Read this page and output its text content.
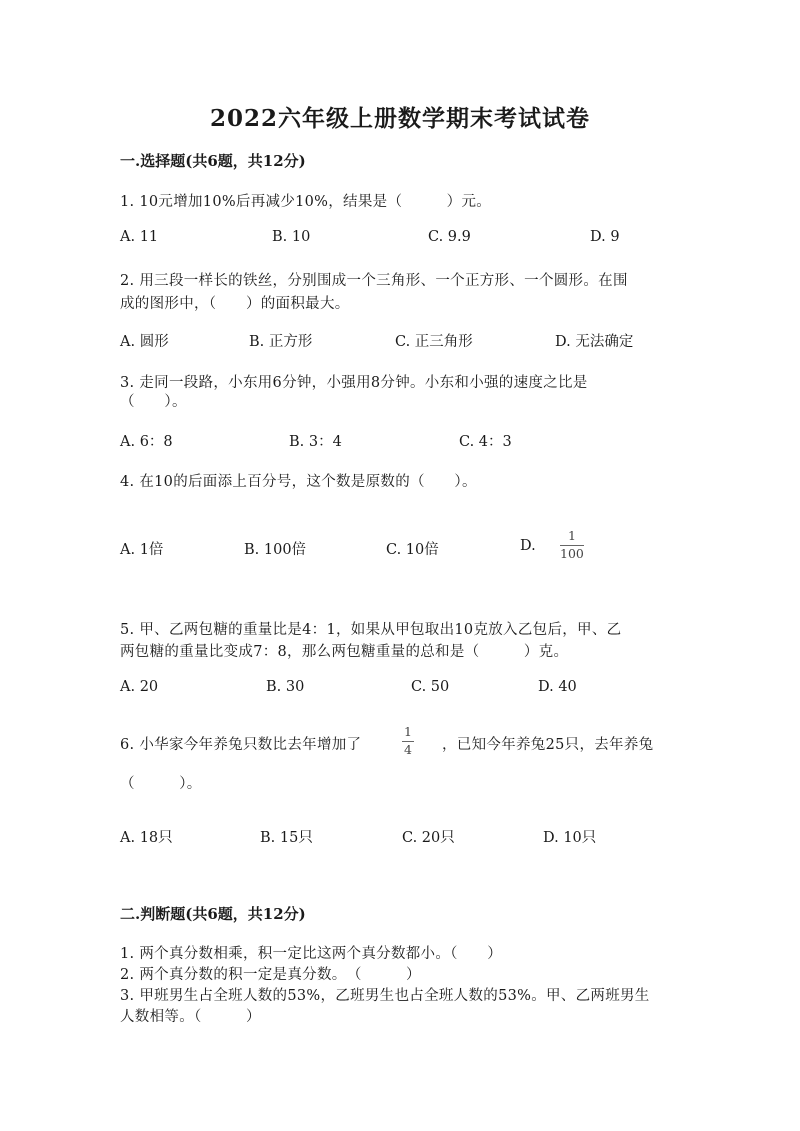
2022六年级上册数学期末考试试卷
一.选择题(共6题，共12分)
1. 10元增加10%后再减少10%，结果是（　　　）元。
A. 11	B. 10	C. 9.9	D. 9
2. 用三段一样长的铁丝，分别围成一个三角形、一个正方形、一个圆形。在围
成的图形中，（　　）的面积最大。
A. 圆形	B. 正方形	C. 正三角形	D. 无法确定
3. 走同一段路，小东用6分钟，小强用8分钟。小东和小强的速度之比是
（　　）。
A. 6：8	B. 3：4	C. 4：3
4. 在10的后面添上百分号，这个数是原数的（　　）。
A. 1倍	B. 100倍	C. 10倍	D.
1
100
5. 甲、乙两包糖的重量比是4：1，如果从甲包取出10克放入乙包后，甲、乙
两包糖的重量比变成7：8，那么两包糖重量的总和是（　　　）克。
A. 20	B. 30	C. 50	D. 40
6. 小华家今年养兔只数比去年增加了
1
4 ，已知今年养兔25只，去年养兔
（　　　）。
A. 18只	B. 15只	C. 20只	D. 10只
二.判断题(共6题，共12分)
1. 两个真分数相乘，积一定比这两个真分数都小。（　　）
2. 两个真分数的积一定是真分数。　（　　　）
3. 甲班男生占全班人数的53%，乙班男生也占全班人数的53%。甲、乙两班男生
人数相等。（　　　）
